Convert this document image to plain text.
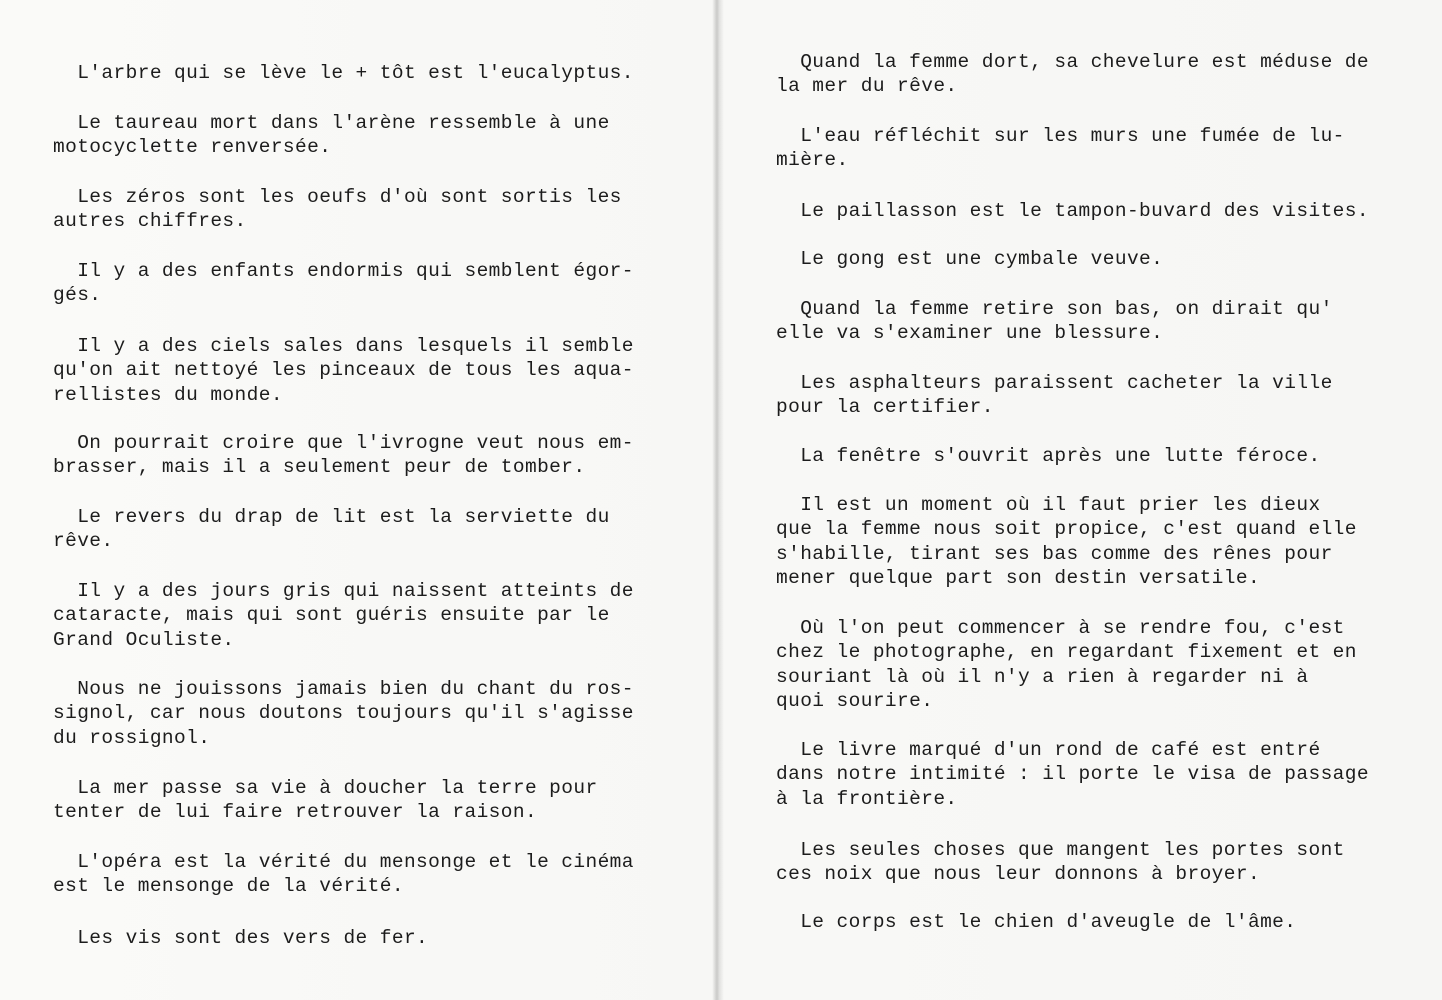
L'arbre qui se lève le + tôt est l'eucalyptus.

Le taureau mort dans l'arène ressemble à une
motocyclette renversée.

Les zéros sont les oeufs d'où sont sortis les
autres chiffres.

Il y a des enfants endormis qui semblent égor-
gés.

Il y a des ciels sales dans lesquels il semble
qu'on ait nettoyé les pinceaux de tous les aqua-
rellistes du monde.

On pourrait croire que l'ivrogne veut nous em-
brasser, mais il a seulement peur de tomber.

Le revers du drap de lit est la serviette du
rêve.

Il y a des jours gris qui naissent atteints de
cataracte, mais qui sont guéris ensuite par le
Grand Oculiste.

Nous ne jouissons jamais bien du chant du ros-
signol, car nous doutons toujours qu'il s'agisse
du rossignol.

La mer passe sa vie à doucher la terre pour
tenter de lui faire retrouver la raison.

L'opéra est la vérité du mensonge et le cinéma
est le mensonge de la vérité.

Les vis sont des vers de fer.

Quand la femme dort, sa chevelure est méduse de
la mer du rêve.

L'eau réfléchit sur les murs une fumée de lu-
mière.

Le paillasson est le tampon-buvard des visites.

Le gong est une cymbale veuve.

Quand la femme retire son bas, on dirait qu'
elle va s'examiner une blessure.

Les asphalteurs paraissent cacheter la ville
pour la certifier.

La fenêtre s'ouvrit après une lutte féroce.

Il est un moment où il faut prier les dieux
que la femme nous soit propice, c'est quand elle
s'habille, tirant ses bas comme des rênes pour
mener quelque part son destin versatile.

Où l'on peut commencer à se rendre fou, c'est
chez le photographe, en regardant fixement et en
souriant là où il n'y a rien à regarder ni à
quoi sourire.

Le livre marqué d'un rond de café est entré
dans notre intimité : il porte le visa de passage
à la frontière.

Les seules choses que mangent les portes sont
ces noix que nous leur donnons à broyer.

Le corps est le chien d'aveugle de l'âme.
